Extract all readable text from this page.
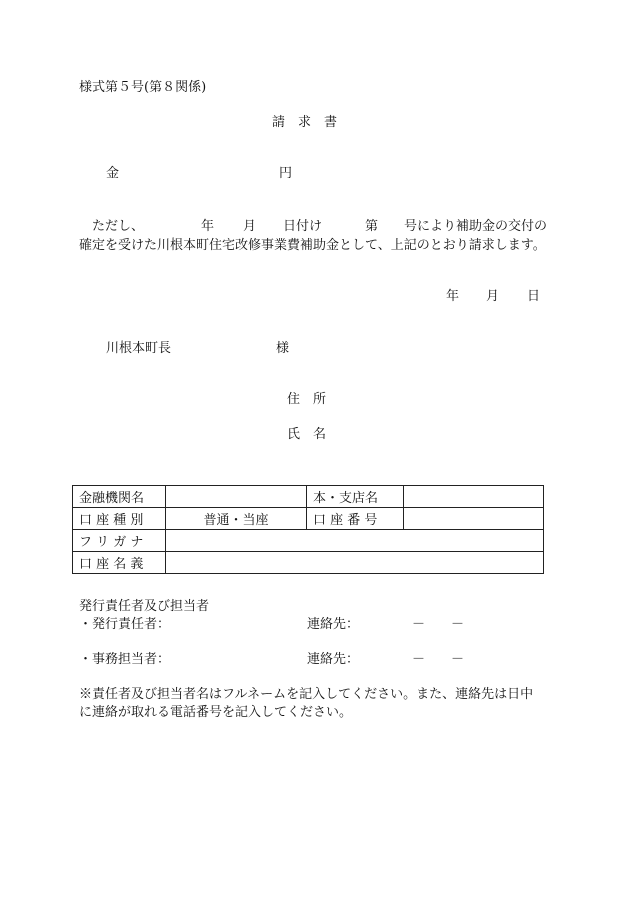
様式第５号(第８関係)
請　求　書
金	円
ただし、	年 月 日付け	第 号により補助金の交付の
確定を受けた川根本町住宅改修事業費補助金として、上記のとおり請求します。
年 月 日
川根本町長	様
住　所
氏　名
金融機関名		本・支店名	
口 座 種 別	普通・当座	口 座 番 号	
フ リ ガ ナ			
口 座 名 義			
発行責任者及び担当者
・発行責任者：	連絡先：	－　　－
・事務担当者：	連絡先：	－　　－
※責任者及び担当者名はフルネームを記入してください。また、連絡先は日中
に連絡が取れる電話番号を記入してください。
